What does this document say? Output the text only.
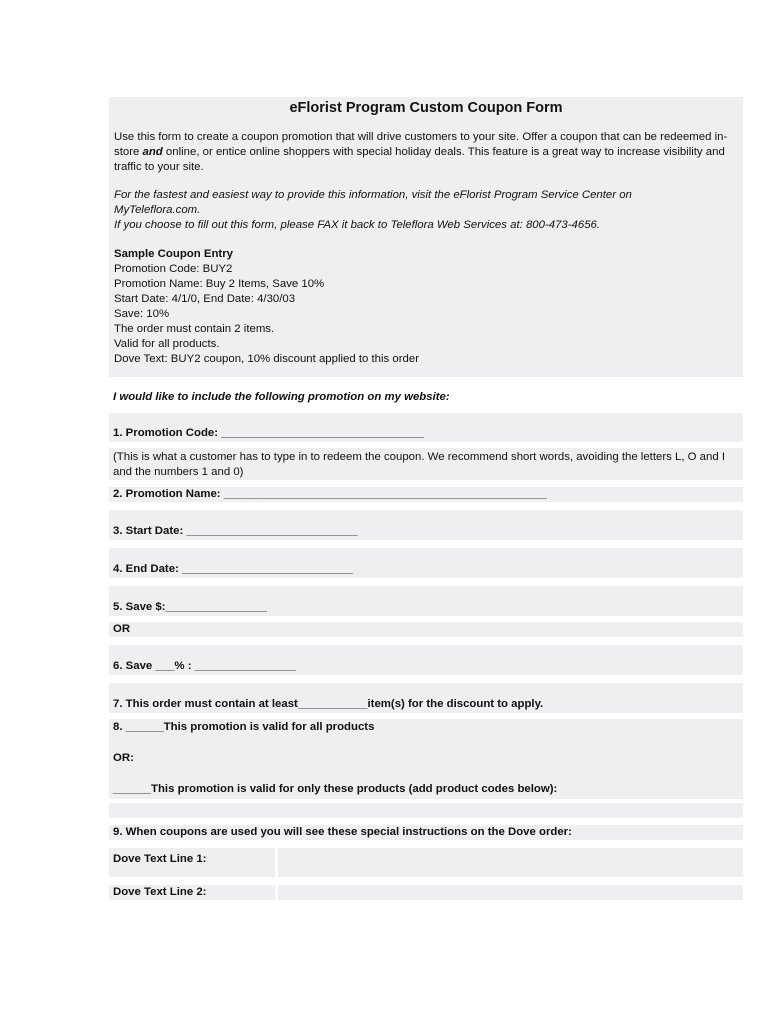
eFlorist Program Custom Coupon Form

Use this form to create a coupon promotion that will drive customers to your site. Offer a coupon that can be redeemed in-store and online, or entice online shoppers with special holiday deals. This feature is a great way to increase visibility and traffic to your site.

For the fastest and easiest way to provide this information, visit the eFlorist Program Service Center on
MyTeleflora.com.
If you choose to fill out this form, please FAX it back to Teleflora Web Services at: 800-473-4656.

Sample Coupon Entry
Promotion Code: BUY2
Promotion Name: Buy 2 Items, Save 10%
Start Date: 4/1/0, End Date: 4/30/03
Save: 10%
The order must contain 2 items.
Valid for all products.
Dove Text: BUY2 coupon, 10% discount applied to this order
I would like to include the following promotion on my website:
1. Promotion Code: ________________________________
(This is what a customer has to type in to redeem the coupon. We recommend short words, avoiding the letters L, O and I and the numbers 1 and 0)
2. Promotion Name: ___________________________________________________
3. Start Date: ___________________________
4. End Date: ___________________________
5. Save $:________________
OR
6. Save ___% : ________________
7. This order must contain at least___________item(s) for the discount to apply.
8. ______This promotion is valid for all products
OR:
______This promotion is valid for only these products (add product codes below):
9. When coupons are used you will see these special instructions on the Dove order:
Dove Text Line 1:
Dove Text Line 2:
